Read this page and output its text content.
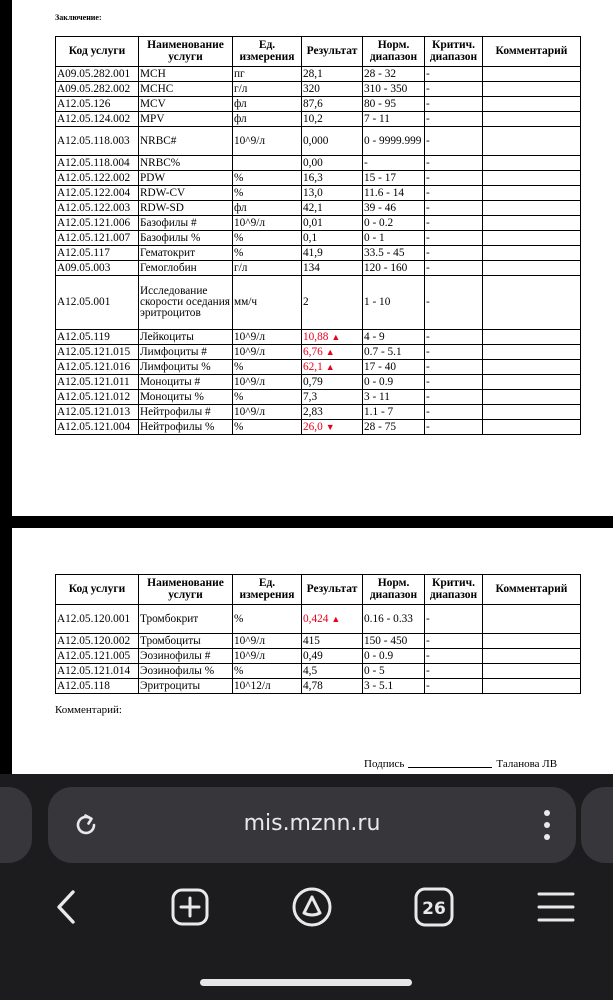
Заключение:
Код услуги	Наименование услуги	Ед. измерения	Результат	Норм. диапазон	Критич. диапазон	Комментарий
A09.05.282.001	MCH	пг	28,1	28 - 32	-	
A09.05.282.002	MCHC	г/л	320	310 - 350	-	
A12.05.126	MCV	фл	87,6	80 - 95	-	
A12.05.124.002	MPV	фл	10,2	7 - 11	-	
A12.05.118.003	NRBC#	10^9/л	0,000	0 - 9999.999	-	
A12.05.118.004	NRBC%		0,00	-	-	
A12.05.122.002	PDW	%	16,3	15 - 17	-	
A12.05.122.004	RDW-CV	%	13,0	11.6 - 14	-	
A12.05.122.003	RDW-SD	фл	42,1	39 - 46	-	
A12.05.121.006	Базофилы #	10^9/л	0,01	0 - 0.2	-	
A12.05.121.007	Базофилы %	%	0,1	0 - 1	-	
A12.05.117	Гематокрит	%	41,9	33.5 - 45	-	
A09.05.003	Гемоглобин	г/л	134	120 - 160	-	
A12.05.001	Исследование скорости оседания эритроцитов	мм/ч	2	1 - 10	-	
A12.05.119	Лейкоциты	10^9/л	10,88 ▲	4 - 9	-	
A12.05.121.015	Лимфоциты #	10^9/л	6,76 ▲	0.7 - 5.1	-	
A12.05.121.016	Лимфоциты %	%	62,1 ▲	17 - 40	-	
A12.05.121.011	Моноциты #	10^9/л	0,79	0 - 0.9	-	
A12.05.121.012	Моноциты %	%	7,3	3 - 11	-	
A12.05.121.013	Нейтрофилы #	10^9/л	2,83	1.1 - 7	-	
A12.05.121.004	Нейтрофилы %	%	26,0 ▼	28 - 75	-	
Код услуги	Наименование услуги	Ед. измерения	Результат	Норм. диапазон	Критич. диапазон	Комментарий
A12.05.120.001	Тромбокрит	%	0,424 ▲	0.16 - 0.33	-	
A12.05.120.002	Тромбоциты	10^9/л	415	150 - 450	-	
A12.05.121.005	Эозинофилы #	10^9/л	0,49	0 - 0.9	-	
A12.05.121.014	Эозинофилы %	%	4,5	0 - 5	-	
A12.05.118	Эритроциты	10^12/л	4,78	3 - 5.1	-	
Комментарий:
Подпись	Таланова ЛВ
mis.mznn.ru
26
